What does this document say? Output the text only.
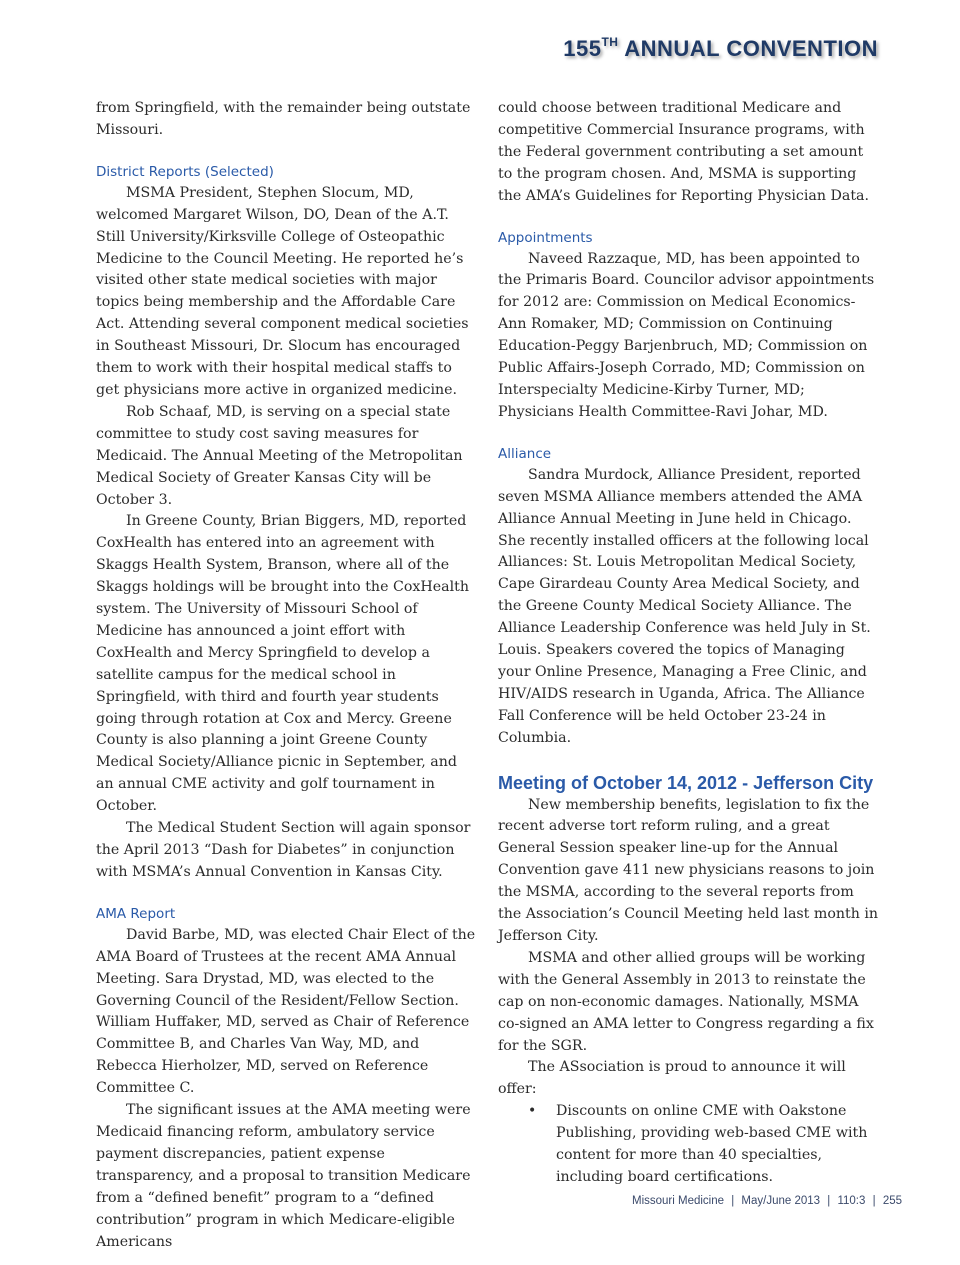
155TH ANNUAL CONVENTION

from Springfield, with the remainder being outstate Missouri.

District Reports (Selected)

MSMA President, Stephen Slocum, MD, welcomed Margaret Wilson, DO, Dean of the A.T. Still University/Kirksville College of Osteopathic Medicine to the Council Meeting. He reported he’s visited other state medical societies with major topics being membership and the Affordable Care Act. Attending several component medical societies in Southeast Missouri, Dr. Slocum has encouraged them to work with their hospital medical staffs to get physicians more active in organized medicine.

Rob Schaaf, MD, is serving on a special state committee to study cost saving measures for Medicaid. The Annual Meeting of the Metropolitan Medical Society of Greater Kansas City will be October 3.

In Greene County, Brian Biggers, MD, reported CoxHealth has entered into an agreement with Skaggs Health System, Branson, where all of the Skaggs holdings will be brought into the CoxHealth system. The University of Missouri School of Medicine has announced a joint effort with CoxHealth and Mercy Springfield to develop a satellite campus for the medical school in Springfield, with third and fourth year students going through rotation at Cox and Mercy. Greene County is also planning a joint Greene County Medical Society/Alliance picnic in September, and an annual CME activity and golf tournament in October.

The Medical Student Section will again sponsor the April 2013 “Dash for Diabetes” in conjunction with MSMA’s Annual Convention in Kansas City.

AMA Report

David Barbe, MD, was elected Chair Elect of the AMA Board of Trustees at the recent AMA Annual Meeting. Sara Drystad, MD, was elected to the Governing Council of the Resident/Fellow Section. William Huffaker, MD, served as Chair of Reference Committee B, and Charles Van Way, MD, and Rebecca Hierholzer, MD, served on Reference Committee C.

The significant issues at the AMA meeting were Medicaid financing reform, ambulatory service payment discrepancies, patient expense transparency, and a proposal to transition Medicare from a “defined benefit” program to a “defined contribution” program in which Medicare-eligible Americans

could choose between traditional Medicare and competitive Commercial Insurance programs, with the Federal government contributing a set amount to the program chosen. And, MSMA is supporting the AMA’s Guidelines for Reporting Physician Data.

Appointments

Naveed Razzaque, MD, has been appointed to the Primaris Board. Councilor advisor appointments for 2012 are: Commission on Medical Economics-Ann Romaker, MD; Commission on Continuing Education-Peggy Barjenbruch, MD; Commission on Public Affairs-Joseph Corrado, MD; Commission on Interspecialty Medicine-Kirby Turner, MD; Physicians Health Committee-Ravi Johar, MD.

Alliance

Sandra Murdock, Alliance President, reported seven MSMA Alliance members attended the AMA Alliance Annual Meeting in June held in Chicago. She recently installed officers at the following local Alliances: St. Louis Metropolitan Medical Society, Cape Girardeau County Area Medical Society, and the Greene County Medical Society Alliance. The Alliance Leadership Conference was held July in St. Louis. Speakers covered the topics of Managing your Online Presence, Managing a Free Clinic, and HIV/AIDS research in Uganda, Africa. The Alliance Fall Conference will be held October 23-24 in Columbia.

Meeting of October 14, 2012 - Jefferson City

New membership benefits, legislation to fix the recent adverse tort reform ruling, and a great General Session speaker line-up for the Annual Convention gave 411 new physicians reasons to join the MSMA, according to the several reports from the Association’s Council Meeting held last month in Jefferson City.

MSMA and other allied groups will be working with the General Assembly in 2013 to reinstate the cap on non-economic damages. Nationally, MSMA co-signed an AMA letter to Congress regarding a fix for the SGR.

The ASsociation is proud to announce it will offer:

• Discounts on online CME with Oakstone Publishing, providing web-based CME with content for more than 40 specialties, including board certifications.
Missouri Medicine | May/June 2013 | 110:3 | 255
